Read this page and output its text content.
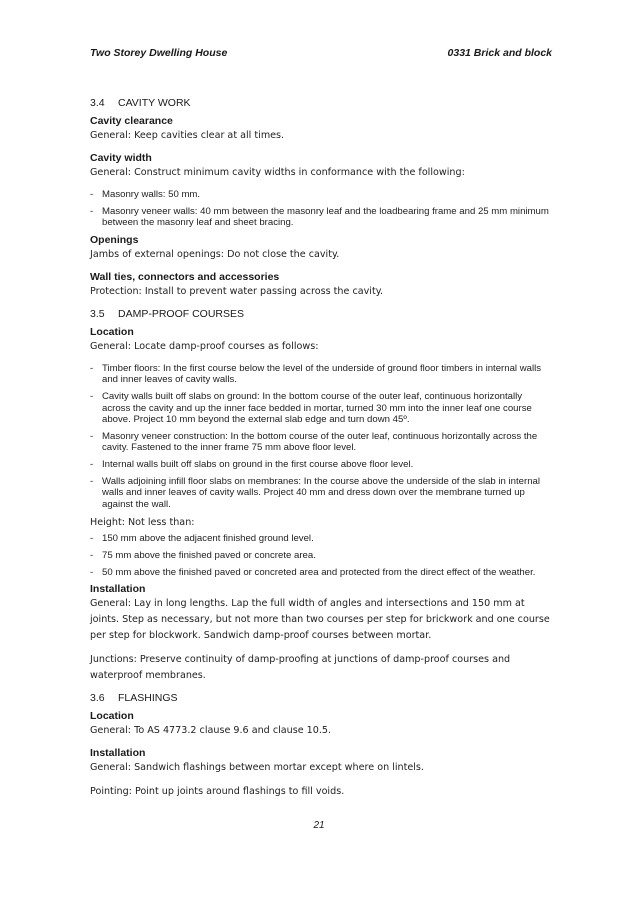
Two Storey Dwelling House	0331 Brick and block
3.4	CAVITY WORK
Cavity clearance

General: Keep cavities clear at all times.

Cavity width

General: Construct minimum cavity widths in conformance with the following:

- Masonry walls: 50 mm.
- Masonry veneer walls: 40 mm between the masonry leaf and the loadbearing frame and 25 mm minimum between the masonry leaf and sheet bracing.
Openings

Jambs of external openings: Do not close the cavity.

Wall ties, connectors and accessories

Protection: Install to prevent water passing across the cavity.

3.5	DAMP-PROOF COURSES
Location

General: Locate damp-proof courses as follows:

- Timber floors: In the first course below the level of the underside of ground floor timbers in internal walls and inner leaves of cavity walls.
- Cavity walls built off slabs on ground: In the bottom course of the outer leaf, continuous horizontally across the cavity and up the inner face bedded in mortar, turned 30 mm into the inner leaf one course above. Project 10 mm beyond the external slab edge and turn down 45º.
- Masonry veneer construction: In the bottom course of the outer leaf, continuous horizontally across the cavity. Fastened to the inner frame 75 mm above floor level.
- Internal walls built off slabs on ground in the first course above floor level.
- Walls adjoining infill floor slabs on membranes: In the course above the underside of the slab in internal walls and inner leaves of cavity walls. Project 40 mm and dress down over the membrane turned up against the wall.

Height: Not less than:

- 150 mm above the adjacent finished ground level.
- 75 mm above the finished paved or concrete area.
- 50 mm above the finished paved or concreted area and protected from the direct effect of the weather.
Installation

General: Lay in long lengths. Lap the full width of angles and intersections and 150 mm at joints. Step as necessary, but not more than two courses per step for brickwork and one course per step for blockwork. Sandwich damp-proof courses between mortar.

Junctions: Preserve continuity of damp-proofing at junctions of damp-proof courses and waterproof membranes.

3.6	FLASHINGS
Location

General: To AS 4773.2 clause 9.6 and clause 10.5.

Installation

General: Sandwich flashings between mortar except where on lintels.

Pointing: Point up joints around flashings to fill voids.

21
